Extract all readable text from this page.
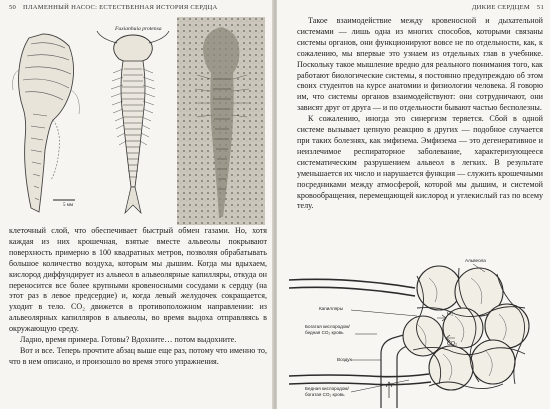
50 ПЛАМЕННЫЙ НАСОС: ЕСТЕСТВЕННАЯ ИСТОРИЯ СЕРДЦА
Fuxianhuia protensa
5 мм

клеточный слой, что обеспечивает быстрый обмен газами. Но, хотя каждая из них крошечная, взятые вместе альвеолы покрывают поверхность примерно в 100 квадратных метров, позволяя обрабатывать большое количество воздуха, которым мы дышим. Когда мы вдыхаем, кислород диффундирует из альвеол в альвеолярные капилляры, откуда он переносится все более крупными кровеносными сосудами к сердцу (на этот раз в левое предсердие) и, когда левый желудочек сокращается, уходит в тело. CO₂ движется в противоположном направлении: из альвеолярных капилляров в альвеолы, во время выдоха отправляясь в окружающую среду.

Ладно, время примера. Готовы? Вдохните… потом выдохните.

Вот и все. Теперь прочтите абзац выше еще раз, потому что именно то, что в нем описано, и произошло во время этого упражнения.

ДИКИЕ СЕРДЦЕМ 51

Такое взаимодействие между кровеносной и дыхательной системами — лишь одна из многих способов, которыми связаны системы органов, они функционируют вовсе не по отдельности, как, к сожалению, мы впервые это узнаем из отдельных глав в учебнике. Поскольку такое мышление вредно для реального понимания того, как работают биологические системы, я постоянно предупреждаю об этом своих студентов на курсе анатомии и физиологии человека. Я говорю им, что системы органов взаимодействуют: они сотрудничают, они зависят друг от друга — и по отдельности бывают частью бесполезны.

К сожалению, иногда это синергизм теряется. Сбой в одной системе вызывает цепную реакцию в других — подобное случается при таких болезнях, как эмфизема. Эмфизема — это дегенеративное и неизлечимое респираторное заболевание, характеризующееся систематическим разрушением альвеол в легких. В результате уменьшается их число и нарушается функция — служить крошечными посредниками между атмосферой, которой мы дышим, и системой кровообращения, перемещающей кислород и углекислый газ по всему телу.

Альвеола
Капилляры
Богатая кислородом/
бедная CO₂ кровь
Воздух
Бедная кислородом/
богатая CO₂ кровь
O₂
CO₂
